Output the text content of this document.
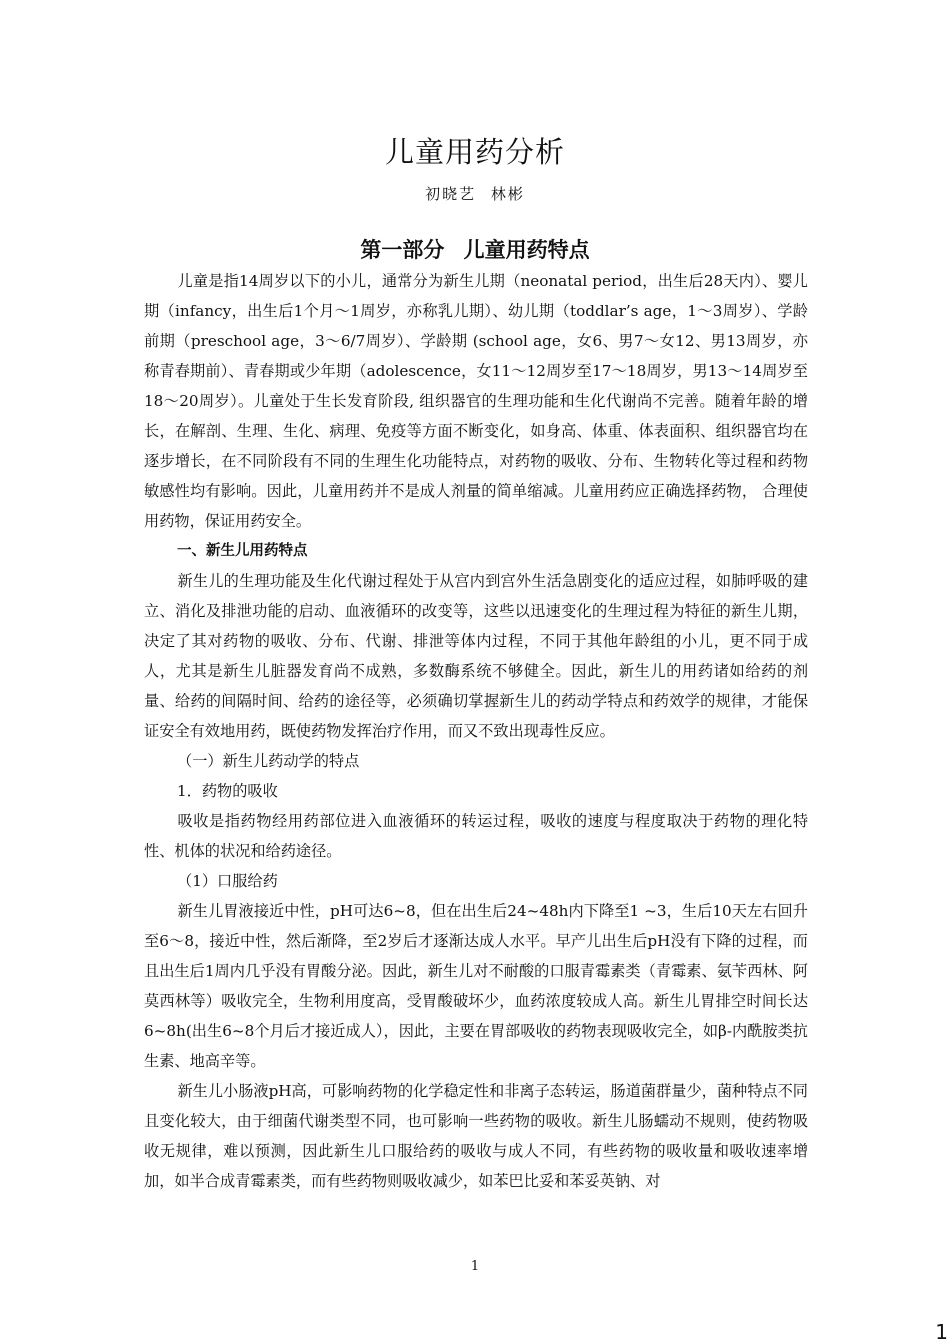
儿童用药分析
初晓艺 林彬
第一部分 儿童用药特点

儿童是指14周岁以下的小儿，通常分为新生儿期（neonatal period，出生后28天内）、婴儿期（infancy，出生后1个月～1周岁，亦称乳儿期）、幼儿期（toddlar’s age，1～3周岁）、学龄前期（preschool age，3～6/7周岁）、学龄期 (school age，女6、男7～女12、男13周岁，亦称青春期前）、青春期或少年期（adolescence，女11～12周岁至17～18周岁，男13～14周岁至18～20周岁）。儿童处于生长发育阶段, 组织器官的生理功能和生化代谢尚不完善。随着年龄的增长，在解剖、生理、生化、病理、免疫等方面不断变化，如身高、体重、体表面积、组织器官均在逐步增长，在不同阶段有不同的生理生化功能特点，对药物的吸收、分布、生物转化等过程和药物敏感性均有影响。因此，儿童用药并不是成人剂量的简单缩减。儿童用药应正确选择药物， 合理使用药物，保证用药安全。

一、新生儿用药特点

新生儿的生理功能及生化代谢过程处于从宫内到宫外生活急剧变化的适应过程，如肺呼吸的建立、消化及排泄功能的启动、血液循环的改变等，这些以迅速变化的生理过程为特征的新生儿期，决定了其对药物的吸收、分布、代谢、排泄等体内过程，不同于其他年龄组的小儿，更不同于成人，尤其是新生儿脏器发育尚不成熟，多数酶系统不够健全。因此，新生儿的用药诸如给药的剂量、给药的间隔时间、给药的途径等，必须确切掌握新生儿的药动学特点和药效学的规律，才能保证安全有效地用药，既使药物发挥治疗作用，而又不致出现毒性反应。

（一）新生儿药动学的特点

1．药物的吸收

吸收是指药物经用药部位进入血液循环的转运过程，吸收的速度与程度取决于药物的理化特性、机体的状况和给药途径。

（1）口服给药

新生儿胃液接近中性，pH可达6~8，但在出生后24~48h内下降至1 ~3，生后10天左右回升至6～8，接近中性，然后渐降，至2岁后才逐渐达成人水平。早产儿出生后pH没有下降的过程，而且出生后1周内几乎没有胃酸分泌。因此，新生儿对不耐酸的口服青霉素类（青霉素、氨苄西林、阿莫西林等）吸收完全，生物利用度高，受胃酸破坏少，血药浓度较成人高。新生儿胃排空时间长达6~8h(出生6~8个月后才接近成人），因此，主要在胃部吸收的药物表现吸收完全，如β-内酰胺类抗生素、地高辛等。

新生儿小肠液pH高，可影响药物的化学稳定性和非离子态转运，肠道菌群量少，菌种特点不同且变化较大，由于细菌代谢类型不同，也可影响一些药物的吸收。新生儿肠蠕动不规则，使药物吸收无规律，难以预测，因此新生儿口服给药的吸收与成人不同，有些药物的吸收量和吸收速率增加，如半合成青霉素类，而有些药物则吸收减少，如苯巴比妥和苯妥英钠、对

1
1
